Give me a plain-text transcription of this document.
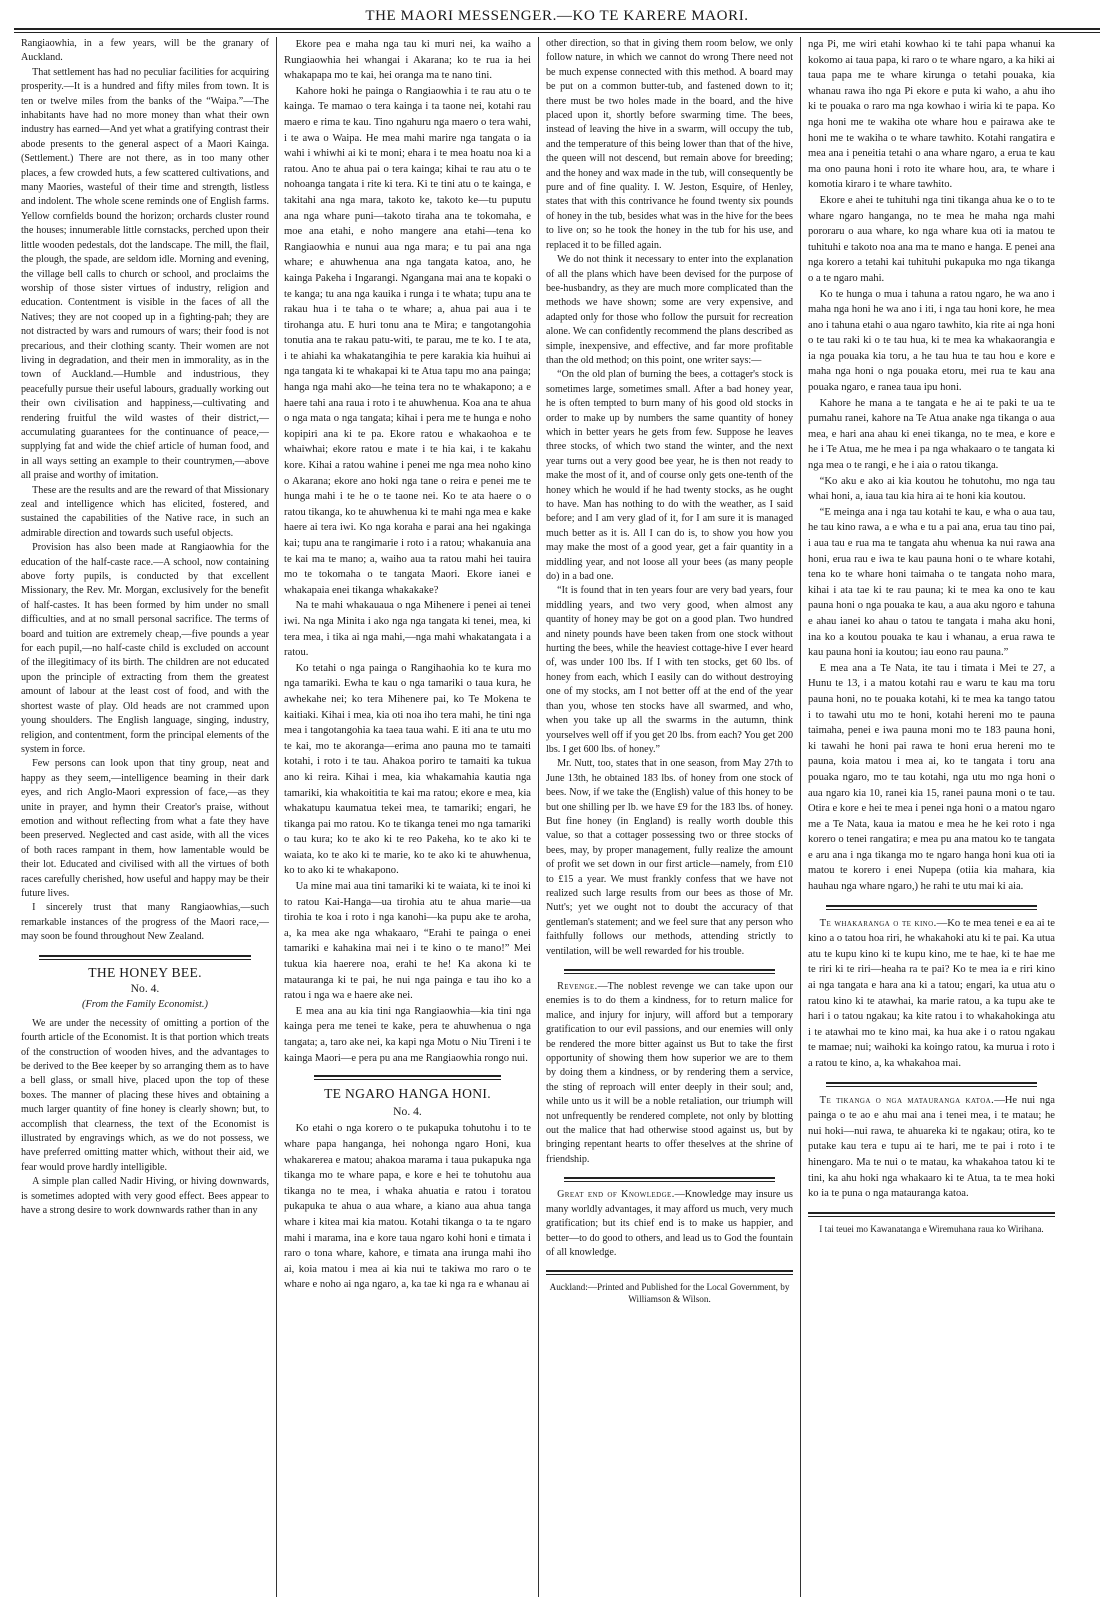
THE MAORI MESSENGER.—KO TE KARERE MAORI.

Rangiaowhia, in a few years, will be the granary of Auckland.

That settlement has had no peculiar facilities for acquiring prosperity.—It is a hundred and fifty miles from town. It is ten or twelve miles from the banks of the “Waipa.”—The inhabitants have had no more money than what their own industry has earned—And yet what a gratifying contrast their abode presents to the general aspect of a Maori Kainga. (Settlement.) There are not there, as in too many other places, a few crowded huts, a few scattered cultivations, and many Maories, wasteful of their time and strength, listless and indolent. The whole scene reminds one of English farms. Yellow cornfields bound the horizon; orchards cluster round the houses; innumerable little cornstacks, perched upon their little wooden pedestals, dot the landscape. The mill, the flail, the plough, the spade, are seldom idle. Morning and evening, the village bell calls to church or school, and proclaims the worship of those sister virtues of industry, religion and education. Contentment is visible in the faces of all the Natives; they are not cooped up in a fighting-pah; they are not distracted by wars and rumours of wars; their food is not precarious, and their clothing scanty. Their women are not living in degradation, and their men in immorality, as in the town of Auckland.—Humble and industrious, they peacefully pursue their useful labours, gradually working out their own civilisation and happiness,—cultivating and rendering fruitful the wild wastes of their district,—accumulating guarantees for the continuance of peace,—supplying fat and wide the chief article of human food, and in all ways setting an example to their countrymen,—above all praise and worthy of imitation.

These are the results and are the reward of that Missionary zeal and intelligence which has elicited, fostered, and sustained the capabilities of the Native race, in such an admirable direction and towards such useful objects.

Provision has also been made at Rangiaowhia for the education of the half-caste race.—A school, now containing above forty pupils, is conducted by that excellent Missionary, the Rev. Mr. Morgan, exclusively for the benefit of half-castes. It has been formed by him under no small difficulties, and at no small personal sacrifice. The terms of board and tuition are extremely cheap,—five pounds a year for each pupil,—no half-caste child is excluded on account of the illegitimacy of its birth. The children are not educated upon the principle of extracting from them the greatest amount of labour at the least cost of food, and with the shortest waste of play. Old heads are not crammed upon young shoulders. The English language, singing, industry, religion, and contentment, form the principal elements of the system in force.

Few persons can look upon that tiny group, neat and happy as they seem,—intelligence beaming in their dark eyes, and rich Anglo-Maori expression of face,—as they unite in prayer, and hymn their Creator's praise, without emotion and without reflecting from what a fate they have been preserved. Neglected and cast aside, with all the vices of both races rampant in them, how lamentable would be their lot. Educated and civilised with all the virtues of both races carefully cherished, how useful and happy may be their future lives.

I sincerely trust that many Rangiaowhias,—such remarkable instances of the progress of the Maori race,—may soon be found throughout New Zealand.

THE HONEY BEE.
No. 4.
(From the Family Economist.)

We are under the necessity of omitting a portion of the fourth article of the Economist. It is that portion which treats of the construction of wooden hives, and the advantages to be derived to the Bee keeper by so arranging them as to have a bell glass, or small hive, placed upon the top of these boxes. The manner of placing these hives and obtaining a much larger quantity of fine honey is clearly shown; but, to accomplish that clearness, the text of the Economist is illustrated by engravings which, as we do not possess, we have preferred omitting matter which, without their aid, we fear would prove hardly intelligible.

A simple plan called Nadir Hiving, or hiving downwards, is sometimes adopted with very good effect. Bees appear to have a strong desire to work downwards rather than in any

Ekore pea e maha nga tau ki muri nei, ka waiho a Rungiaowhia hei whangai i Akarana; ko te rua ia hei whakapapa mo te kai, hei oranga ma te nano tini.

Kahore hoki he painga o Rangiaowhia i te rau atu o te kainga. Te mamao o tera kainga i ta taone nei, kotahi rau maero e rima te kau. Tino ngahuru nga maero o tera wahi, i te awa o Waipa. He mea mahi marire nga tangata o ia wahi i whiwhi ai ki te moni; ehara i te mea hoatu noa ki a ratou. Ano te ahua pai o tera kainga; kihai te rau atu o te nohoanga tangata i rite ki tera. Ki te tini atu o te kainga, e takitahi ana nga mara, takoto ke, takoto ke—tu puputu ana nga whare puni—takoto tiraha ana te tokomaha, e moe ana etahi, e noho mangere ana etahi—tena ko Rangiaowhia e nunui aua nga mara; e tu pai ana nga whare; e ahuwhenua ana nga tangata katoa, ano, he kainga Pakeha i Ingarangi. Ngangana mai ana te kopaki o te kanga; tu ana nga kauika i runga i te whata; tupu ana te rakau hua i te taha o te whare; a, ahua pai aua i te tirohanga atu. E huri tonu ana te Mira; e tangotangohia tonutia ana te rakau patu-witi, te parau, me te ko. I te ata, i te ahiahi ka whakatangihia te pere karakia kia huihui ai nga tangata ki te whakapai ki te Atua tapu mo ana painga; hanga nga mahi ako—he teina tera no te whakapono; a e haere tahi ana raua i roto i te ahuwhenua. Koa ana te ahua o nga mata o nga tangata; kihai i pera me te hunga e noho kopipiri ana ki te pa. Ekore ratou e whakaohoa e te whaiwhai; ekore ratou e mate i te hia kai, i te kakahu kore. Kihai a ratou wahine i penei me nga mea noho kino o Akarana; ekore ano hoki nga tane o reira e penei me te hunga mahi i te he o te taone nei. Ko te ata haere o o ratou tikanga, ko te ahuwhenua ki te mahi nga mea e kake haere ai tera iwi. Ko nga koraha e parai ana hei ngakinga kai; tupu ana te rangimarie i roto i a ratou; whakanuia ana te kai ma te mano; a, waiho aua ta ratou mahi hei tauira mo te tokomaha o te tangata Maori. Ekore ianei e whakapaia enei tikanga whakakake?

Na te mahi whakauaua o nga Mihenere i penei ai tenei iwi. Na nga Minita i ako nga nga tangata ki tenei, mea, ki tera mea, i tika ai nga mahi,—nga mahi whakatangata i a ratou.

Ko tetahi o nga painga o Rangihaohia ko te kura mo nga tamariki. Ewha te kau o nga tamariki o taua kura, he awhekahe nei; ko tera Mihenere pai, ko Te Mokena te kaitiaki. Kihai i mea, kia oti noa iho tera mahi, he tini nga mea i tangotangohia ka taea taua wahi. E iti ana te utu mo te kai, mo te akoranga—erima ano pauna mo te tamaiti kotahi, i roto i te tau. Ahakoa poriro te tamaiti ka tukua ano ki reira. Kihai i mea, kia whakamahia kautia nga tamariki, kia whakoititia te kai ma ratou; ekore e mea, kia whakatupu kaumatua tekei mea, te tamariki; engari, he tikanga pai mo ratou. Ko te tikanga tenei mo nga tamariki o tau kura; ko te ako ki te reo Pakeha, ko te ako ki te waiata, ko te ako ki te marie, ko te ako ki te ahuwhenua, ko to ako ki te whakapono.

Ua mine mai aua tini tamariki ki te waiata, ki te inoi ki to ratou Kai-Hanga—ua tirohia atu te ahua marie—ua tirohia te koa i roto i nga kanohi—ka pupu ake te aroha, a, ka mea ake nga whakaaro, “Erahi te painga o enei tamariki e kahakina mai nei i te kino o te mano!” Mei tukua kia haerere noa, erahi te he! Ka akona ki te matauranga ki te pai, he nui nga painga e tau iho ko a ratou i nga wa e haere ake nei.

E mea ana au kia tini nga Rangiaowhia—kia tini nga kainga pera me tenei te kake, pera te ahuwhenua o nga tangata; a, taro ake nei, ka kapi nga Motu o Niu Tireni i te kainga Maori—e pera pu ana me Rangiaowhia rongo nui.

TE NGARO HANGA HONI.
No. 4.

Ko etahi o nga korero o te pukapuka tohutohu i to te whare papa hanganga, hei nohonga ngaro Honi, kua whakarerea e matou; ahakoa marama i taua pukapuka nga tikanga mo te whare papa, e kore e hei te tohutohu aua tikanga no te mea, i whaka ahuatia e ratou i toratou pukapuka te ahua o aua whare, a kiano aua ahua tanga whare i kitea mai kia matou. Kotahi tikanga o ta te ngaro mahi i marama, ina e kore taua ngaro kohi honi e timata i raro o tona whare, kahore, e timata ana irunga mahi iho ai, koia matou i mea ai kia nui te takiwa mo raro o te whare e noho ai nga ngaro, a, ka tae ki nga ra e whanau ai

other direction, so that in giving them room below, we only follow nature, in which we cannot do wrong There need not be much expense connected with this method. A board may be put on a common butter-tub, and fastened down to it; there must be two holes made in the board, and the hive placed upon it, shortly before swarming time. The bees, instead of leaving the hive in a swarm, will occupy the tub, and the temperature of this being lower than that of the hive, the queen will not descend, but remain above for breeding; and the honey and wax made in the tub, will consequently be pure and of fine quality. I. W. Jeston, Esquire, of Henley, states that with this contrivance he found twenty six pounds of honey in the tub, besides what was in the hive for the bees to live on; so he took the honey in the tub for his use, and replaced it to be filled again.

We do not think it necessary to enter into the explanation of all the plans which have been devised for the purpose of bee-husbandry, as they are much more complicated than the methods we have shown; some are very expensive, and adapted only for those who follow the pursuit for recreation alone. We can confidently recommend the plans described as simple, inexpensive, and effective, and far more profitable than the old method; on this point, one writer says:—

“On the old plan of burning the bees, a cottager's stock is sometimes large, sometimes small. After a bad honey year, he is often tempted to burn many of his good old stocks in order to make up by numbers the same quantity of honey which in better years he gets from few. Suppose he leaves three stocks, of which two stand the winter, and the next year turns out a very good bee year, he is then not ready to make the most of it, and of course only gets one-tenth of the honey which he would if he had twenty stocks, as he ought to have. Man has nothing to do with the weather, as I said before; and I am very glad of it, for I am sure it is managed much better as it is. All I can do is, to show you how you may make the most of a good year, get a fair quantity in a middling year, and not loose all your bees (as many people do) in a bad one.

“It is found that in ten years four are very bad years, four middling years, and two very good, when almost any quantity of honey may be got on a good plan. Two hundred and ninety pounds have been taken from one stock without hurting the bees, while the heaviest cottage-hive I ever heard of, was under 100 lbs. If I with ten stocks, get 60 lbs. of honey from each, which I easily can do without destroying one of my stocks, am I not better off at the end of the year than you, whose ten stocks have all swarmed, and who, when you take up all the swarms in the autumn, think yourselves well off if you get 20 lbs. from each? You get 200 lbs. I get 600 lbs. of honey.”

Mr. Nutt, too, states that in one season, from May 27th to June 13th, he obtained 183 lbs. of honey from one stock of bees. Now, if we take the (English) value of this honey to be but one shilling per lb. we have £9 for the 183 lbs. of honey. But fine honey (in England) is really worth double this value, so that a cottager possessing two or three stocks of bees, may, by proper management, fully realize the amount of profit we set down in our first article—namely, from £10 to £15 a year. We must frankly confess that we have not realized such large results from our bees as those of Mr. Nutt's; yet we ought not to doubt the accuracy of that gentleman's statement; and we feel sure that any person who faithfully follows our methods, attending strictly to ventilation, will be well rewarded for his trouble.

Revenge.—The noblest revenge we can take upon our enemies is to do them a kindness, for to return malice for malice, and injury for injury, will afford but a temporary gratification to our evil passions, and our enemies will only be rendered the more bitter against us But to take the first opportunity of showing them how superior we are to them by doing them a kindness, or by rendering them a service, the sting of reproach will enter deeply in their soul; and, while unto us it will be a noble retaliation, our triumph will not unfrequently be rendered complete, not only by blotting out the malice that had otherwise stood against us, but by bringing repentant hearts to offer theselves at the shrine of friendship.

Great end of Knowledge.—Knowledge may insure us many worldly advantages, it may afford us much, very much gratification; but its chief end is to make us happier, and better—to do good to others, and lead us to God the fountain of all knowledge.

Auckland:—Printed and Published for the Local Government, by Williamson & Wilson.

nga Pi, me wiri etahi kowhao ki te tahi papa whanui ka kokomo ai taua papa, ki raro o te whare ngaro, a ka hiki ai taua papa me te whare kirunga o tetahi pouaka, kia whanau rawa iho nga Pi ekore e puta ki waho, a ahu iho ki te pouaka o raro ma nga kowhao i wiria ki te papa. Ko nga honi me te wakiha ote whare hou e pairawa ake te honi me te wakiha o te whare tawhito. Kotahi rangatira e mea ana i peneitia tetahi o ana whare ngaro, a erua te kau ma ono pauna honi i roto ite whare hou, ara, te whare i komotia kiraro i te whare tawhito.

Ekore e ahei te tuhituhi nga tini tikanga ahua ke o to te whare ngaro hanganga, no te mea he maha nga mahi pororaru o aua whare, ko nga whare kua oti ia matou te tuhituhi e takoto noa ana ma te mano e hanga. E penei ana nga korero a tetahi kai tuhituhi pukapuka mo nga tikanga o a te ngaro mahi.

Ko te hunga o mua i tahuna a ratou ngaro, he wa ano i maha nga honi he wa ano i iti, i nga tau honi kore, he mea ano i tahuna etahi o aua ngaro tawhito, kia rite ai nga honi o te tau raki ki o te tau hua, ki te mea ka whakaorangia e ia nga pouaka kia toru, a he tau hua te tau hou e kore e maha nga honi o nga pouaka etoru, mei rua te kau ana pouaka ngaro, e ranea taua ipu honi.

Kahore he mana a te tangata e he ai te paki te ua te pumahu ranei, kahore na Te Atua anake nga tikanga o aua mea, e hari ana ahau ki enei tikanga, no te mea, e kore e he i Te Atua, me he mea i pa nga whakaaro o te tangata ki nga mea o te rangi, e he i aia o ratou tikanga.

“Ko aku e ako ai kia koutou he tohutohu, mo nga tau whai honi, a, iaua tau kia hira ai te honi kia koutou.

“E meinga ana i nga tau kotahi te kau, e wha o aua tau, he tau kino rawa, a e wha e tu a pai ana, erua tau tino pai, i aua tau e rua ma te tangata ahu whenua ka nui rawa ana honi, erua rau e iwa te kau pauna honi o te whare kotahi, tena ko te whare honi taimaha o te tangata noho mara, kihai i ata tae ki te rau pauna; ki te mea ka ono te kau pauna honi o nga pouaka te kau, a aua aku ngoro e tahuna e ahau ianei ko ahau o tatou te tangata i maha aku honi, ina ko a koutou pouaka te kau i whanau, a erua rawa te kau pauna honi ia koutou; iau eono rau pauna.”

E mea ana a Te Nata, ite tau i timata i Mei te 27, a Hunu te 13, i a matou kotahi rau e waru te kau ma toru pauna honi, no te pouaka kotahi, ki te mea ka tango tatou i to tawahi utu mo te honi, kotahi hereni mo te pauna taimaha, penei e iwa pauna moni mo te 183 pauna honi, ki tawahi he honi pai rawa te honi erua hereni mo te pauna, koia matou i mea ai, ko te tangata i toru ana pouaka ngaro, mo te tau kotahi, nga utu mo nga honi o aua ngaro kia 10, ranei kia 15, ranei pauna moni o te tau. Otira e kore e hei te mea i penei nga honi o a matou ngaro me a Te Nata, kaua ia matou e mea he he kei roto i nga korero o tenei rangatira; e mea pu ana matou ko te tangata e aru ana i nga tikanga mo te ngaro hanga honi kua oti ia matou te korero i enei Nupepa (otiia kia mahara, kia hauhau nga whare ngaro,) he rahi te utu mai ki aia.

Te whakaranga o te kino.—Ko te mea tenei e ea ai te kino a o tatou hoa riri, he whakahoki atu ki te pai. Ka utua atu te kupu kino ki te kupu kino, me te hae, ki te hae me te riri ki te riri—heaha ra te pai? Ko te mea ia e riri kino ai nga tangata e hara ana ki a tatou; engari, ka utua atu o ratou kino ki te atawhai, ka marie ratou, a ka tupu ake te hari i o tatou ngakau; ka kite ratou i to whakahokinga atu i te atawhai mo te kino mai, ka hua ake i o ratou ngakau te mamae; nui; waihoki ka koingo ratou, ka murua i roto i a ratou te kino, a, ka whakahoa mai.

Te tikanga o nga matauranga katoa.—He nui nga painga o te ao e ahu mai ana i tenei mea, i te matau; he nui hoki—nui rawa, te ahuareka ki te ngakau; otira, ko te putake kau tera e tupu ai te hari, me te pai i roto i te hinengaro. Ma te nui o te matau, ka whakahoa tatou ki te tini, ka ahu hoki nga whakaaro ki te Atua, ta te mea hoki ko ia te puna o nga matauranga katoa.

I tai teuei mo Kawanatanga e Wiremuhana raua ko Wirihana.
